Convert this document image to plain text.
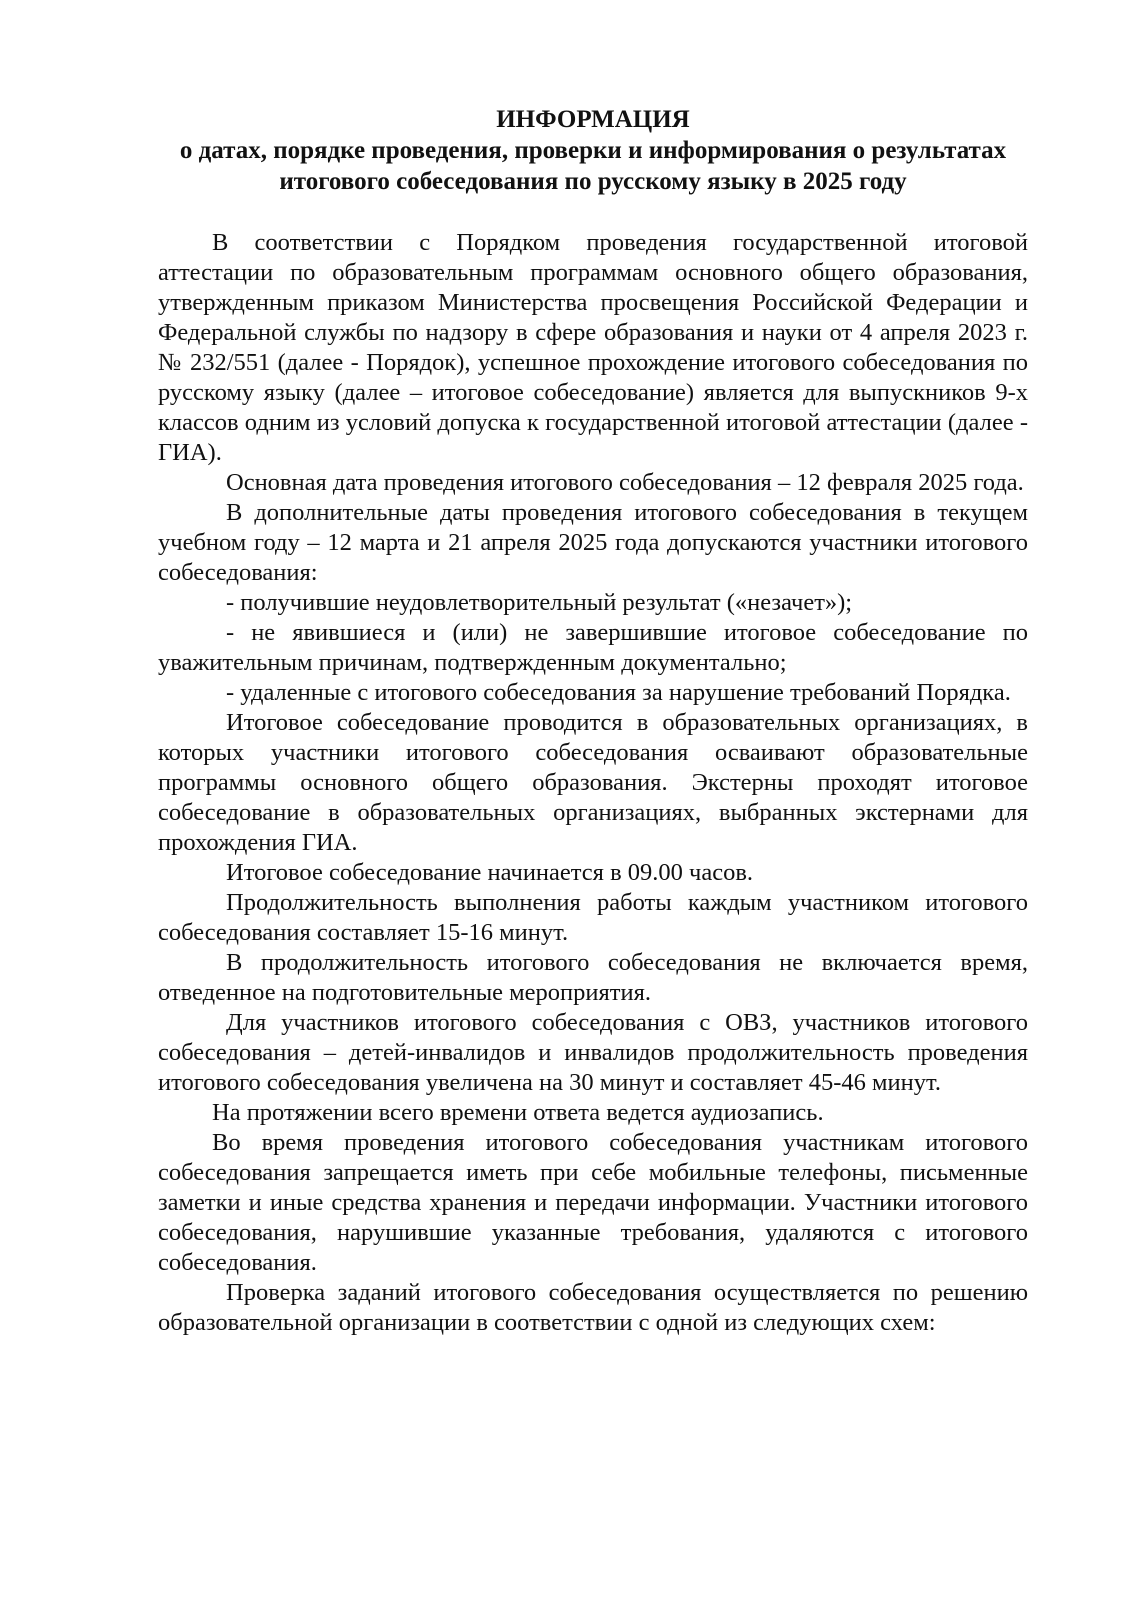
ИНФОРМАЦИЯ
о датах, порядке проведения, проверки и информирования о результатах
итогового собеседования по русскому языку в 2025 году

В соответствии с Порядком проведения государственной итоговой аттестации по образовательным программам основного общего образования, утвержденным приказом Министерства просвещения Российской Федерации и Федеральной службы по надзору в сфере образования и науки от 4 апреля 2023 г. № 232/551 (далее - Порядок), успешное прохождение итогового собеседования по русскому языку (далее – итоговое собеседование) является для выпускников 9-х классов одним из условий допуска к государственной итоговой аттестации (далее - ГИА).

Основная дата проведения итогового собеседования – 12 февраля 2025 года.

В дополнительные даты проведения итогового собеседования в текущем учебном году – 12 марта и 21 апреля 2025 года допускаются участники итогового собеседования:

- получившие неудовлетворительный результат («незачет»);

- не явившиеся и (или) не завершившие итоговое собеседование по уважительным причинам, подтвержденным документально;

- удаленные с итогового собеседования за нарушение требований Порядка.

Итоговое собеседование проводится в образовательных организациях, в которых участники итогового собеседования осваивают образовательные программы основного общего образования. Экстерны проходят итоговое собеседование в образовательных организациях, выбранных экстернами для прохождения ГИА.

Итоговое собеседование начинается в 09.00 часов.

Продолжительность выполнения работы каждым участником итогового собеседования составляет 15-16 минут.

В продолжительность итогового собеседования не включается время, отведенное на подготовительные мероприятия.

Для участников итогового собеседования с ОВЗ, участников итогового собеседования – детей-инвалидов и инвалидов продолжительность проведения итогового собеседования увеличена на 30 минут и составляет 45-46 минут.

На протяжении всего времени ответа ведется аудиозапись.

Во время проведения итогового собеседования участникам итогового собеседования запрещается иметь при себе мобильные телефоны, письменные заметки и иные средства хранения и передачи информации. Участники итогового собеседования, нарушившие указанные требования, удаляются с итогового собеседования.

Проверка заданий итогового собеседования осуществляется по решению образовательной организации в соответствии с одной из следующих схем:
